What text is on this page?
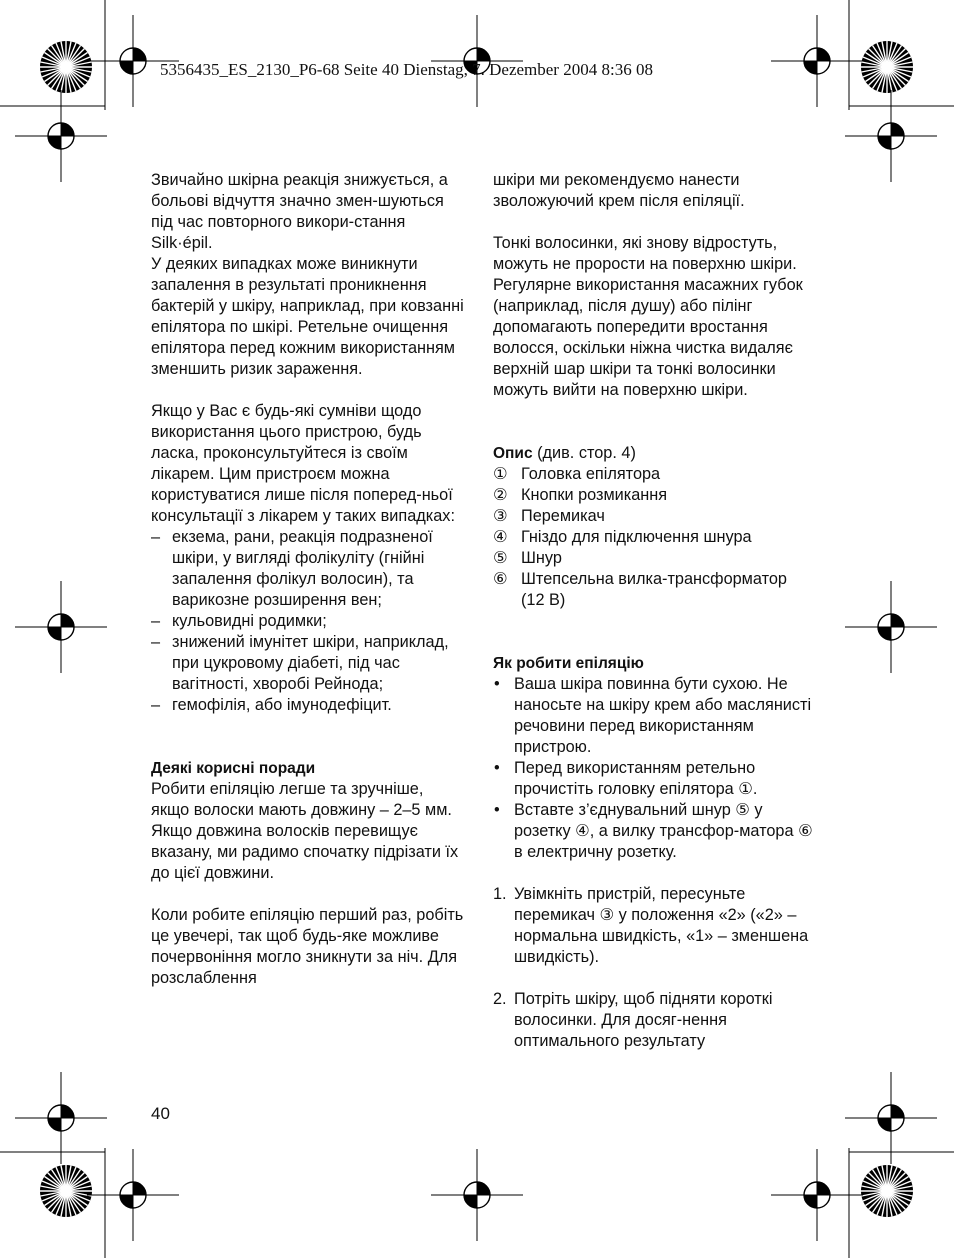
5356435_ES_2130_P6-68 Seite 40 Dienstag, 7. Dezember 2004 8:36 08

Звичайно шкірна реакція знижується, а больові відчуття значно змен-шуються під час повторного викори-стання Silk·épil.

У деяких випадках може виникнути запалення в результаті проникнення бактерій у шкіру, наприклад, при ковзанні епілятора по шкірі. Ретельне очищення епілятора перед кожним використанням зменшить ризик зараження.

Якщо у Вас є будь-які сумніви щодо використання цього пристрою, будь ласка, проконсультуйтеся із своїм лікарем. Цим пристроєм можна користуватися лише після поперед-ньої консультації з лікарем у таких випадках:

– екзема, рани, реакція подразненої шкіри, у вигляді фолікуліту (гнійні запалення фолікул волосин), та варикозне розширення вен;
– кульовидні родимки;
– знижений імунітет шкіри, наприклад, при цукровому діабеті, під час вагітності, хворобі Рейнода;
– гемофілія, або імунодефіцит.

Деякі корисні поради

Робити епіляцію легше та зручніше, якщо волоски мають довжину – 2–5 мм. Якщо довжина волосків перевищує вказану, ми радимо спочатку підрізати їх до цієї довжини.

Коли робите епіляцію перший раз, робіть це увечері, так щоб будь-яке можливе почервоніння могло зникнути за ніч. Для розслаблення

шкіри ми рекомендуємо нанести зволожуючий крем після епіляції.

Тонкі волосинки, які знову відростуть, можуть не прорости на поверхню шкіри. Регулярне використання масажних губок (наприклад, після душу) або пілінг допомагають попередити вростання волосся, оскільки ніжна чистка видаляє верхній шар шкіри та тонкі волосинки можуть вийти на поверхню шкіри.

Опис (див. стор. 4)

① Головка епілятора
② Кнопки розмикання
③ Перемикач
④ Гніздо для підключення шнура
⑤ Шнур
⑥ Штепсельна вилка-трансформатор (12 В)

Як робити епіляцію

• Ваша шкіра повинна бути сухою. Не наносьте на шкіру крем або маслянисті речовини перед використанням пристрою.
• Перед використанням ретельно прочистіть головку епілятора ①.
• Вставте з’єднувальний шнур ⑤ у розетку ④, а вилку трансфор-матора ⑥ в електричну розетку.
1. Увімкніть пристрій, пересуньте перемикач ③ у положення «2» («2» – нормальна швидкість, «1» – зменшена швидкість).
2. Потріть шкіру, щоб підняти короткі волосинки. Для досяг-нення оптимального результату
40
